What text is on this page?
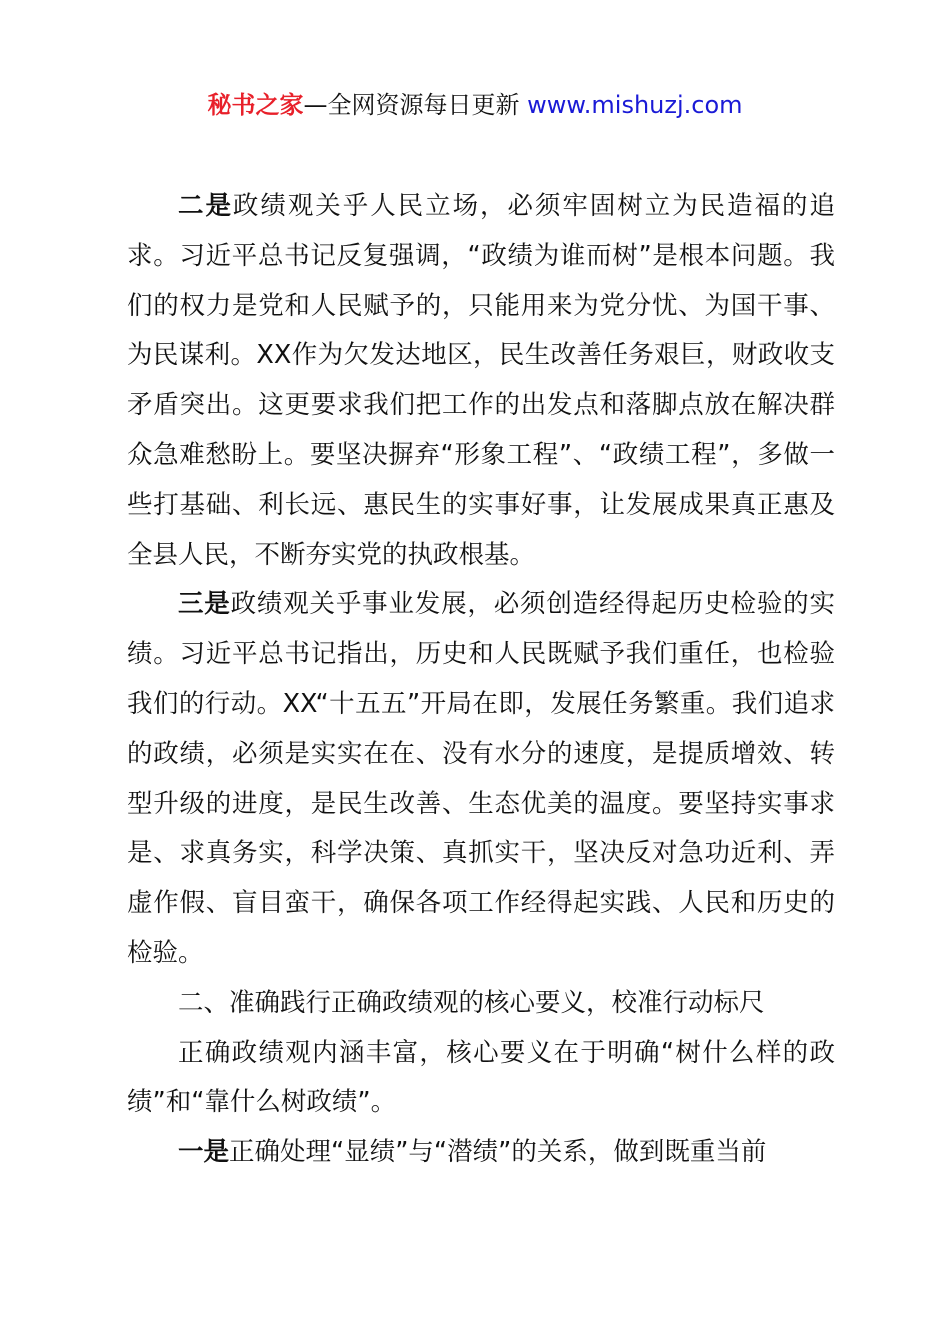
秘书之家—全网资源每日更新 www.mishuzj.com

二是政绩观关乎人民立场，必须牢固树立为民造福的追求。习近平总书记反复强调，“政绩为谁而树”是根本问题。我们的权力是党和人民赋予的，只能用来为党分忧、为国干事、为民谋利。XX作为欠发达地区，民生改善任务艰巨，财政收支矛盾突出。这更要求我们把工作的出发点和落脚点放在解决群众急难愁盼上。要坚决摒弃“形象工程”、“政绩工程”，多做一些打基础、利长远、惠民生的实事好事，让发展成果真正惠及全县人民，不断夯实党的执政根基。

三是政绩观关乎事业发展，必须创造经得起历史检验的实绩。习近平总书记指出，历史和人民既赋予我们重任，也检验我们的行动。XX“十五五”开局在即，发展任务繁重。我们追求的政绩，必须是实实在在、没有水分的速度，是提质增效、转型升级的进度，是民生改善、生态优美的温度。要坚持实事求是、求真务实，科学决策、真抓实干，坚决反对急功近利、弄虚作假、盲目蛮干，确保各项工作经得起实践、人民和历史的检验。

二、准确践行正确政绩观的核心要义，校准行动标尺

正确政绩观内涵丰富，核心要义在于明确“树什么样的政绩”和“靠什么树政绩”。

一是正确处理“显绩”与“潜绩”的关系，做到既重当前
